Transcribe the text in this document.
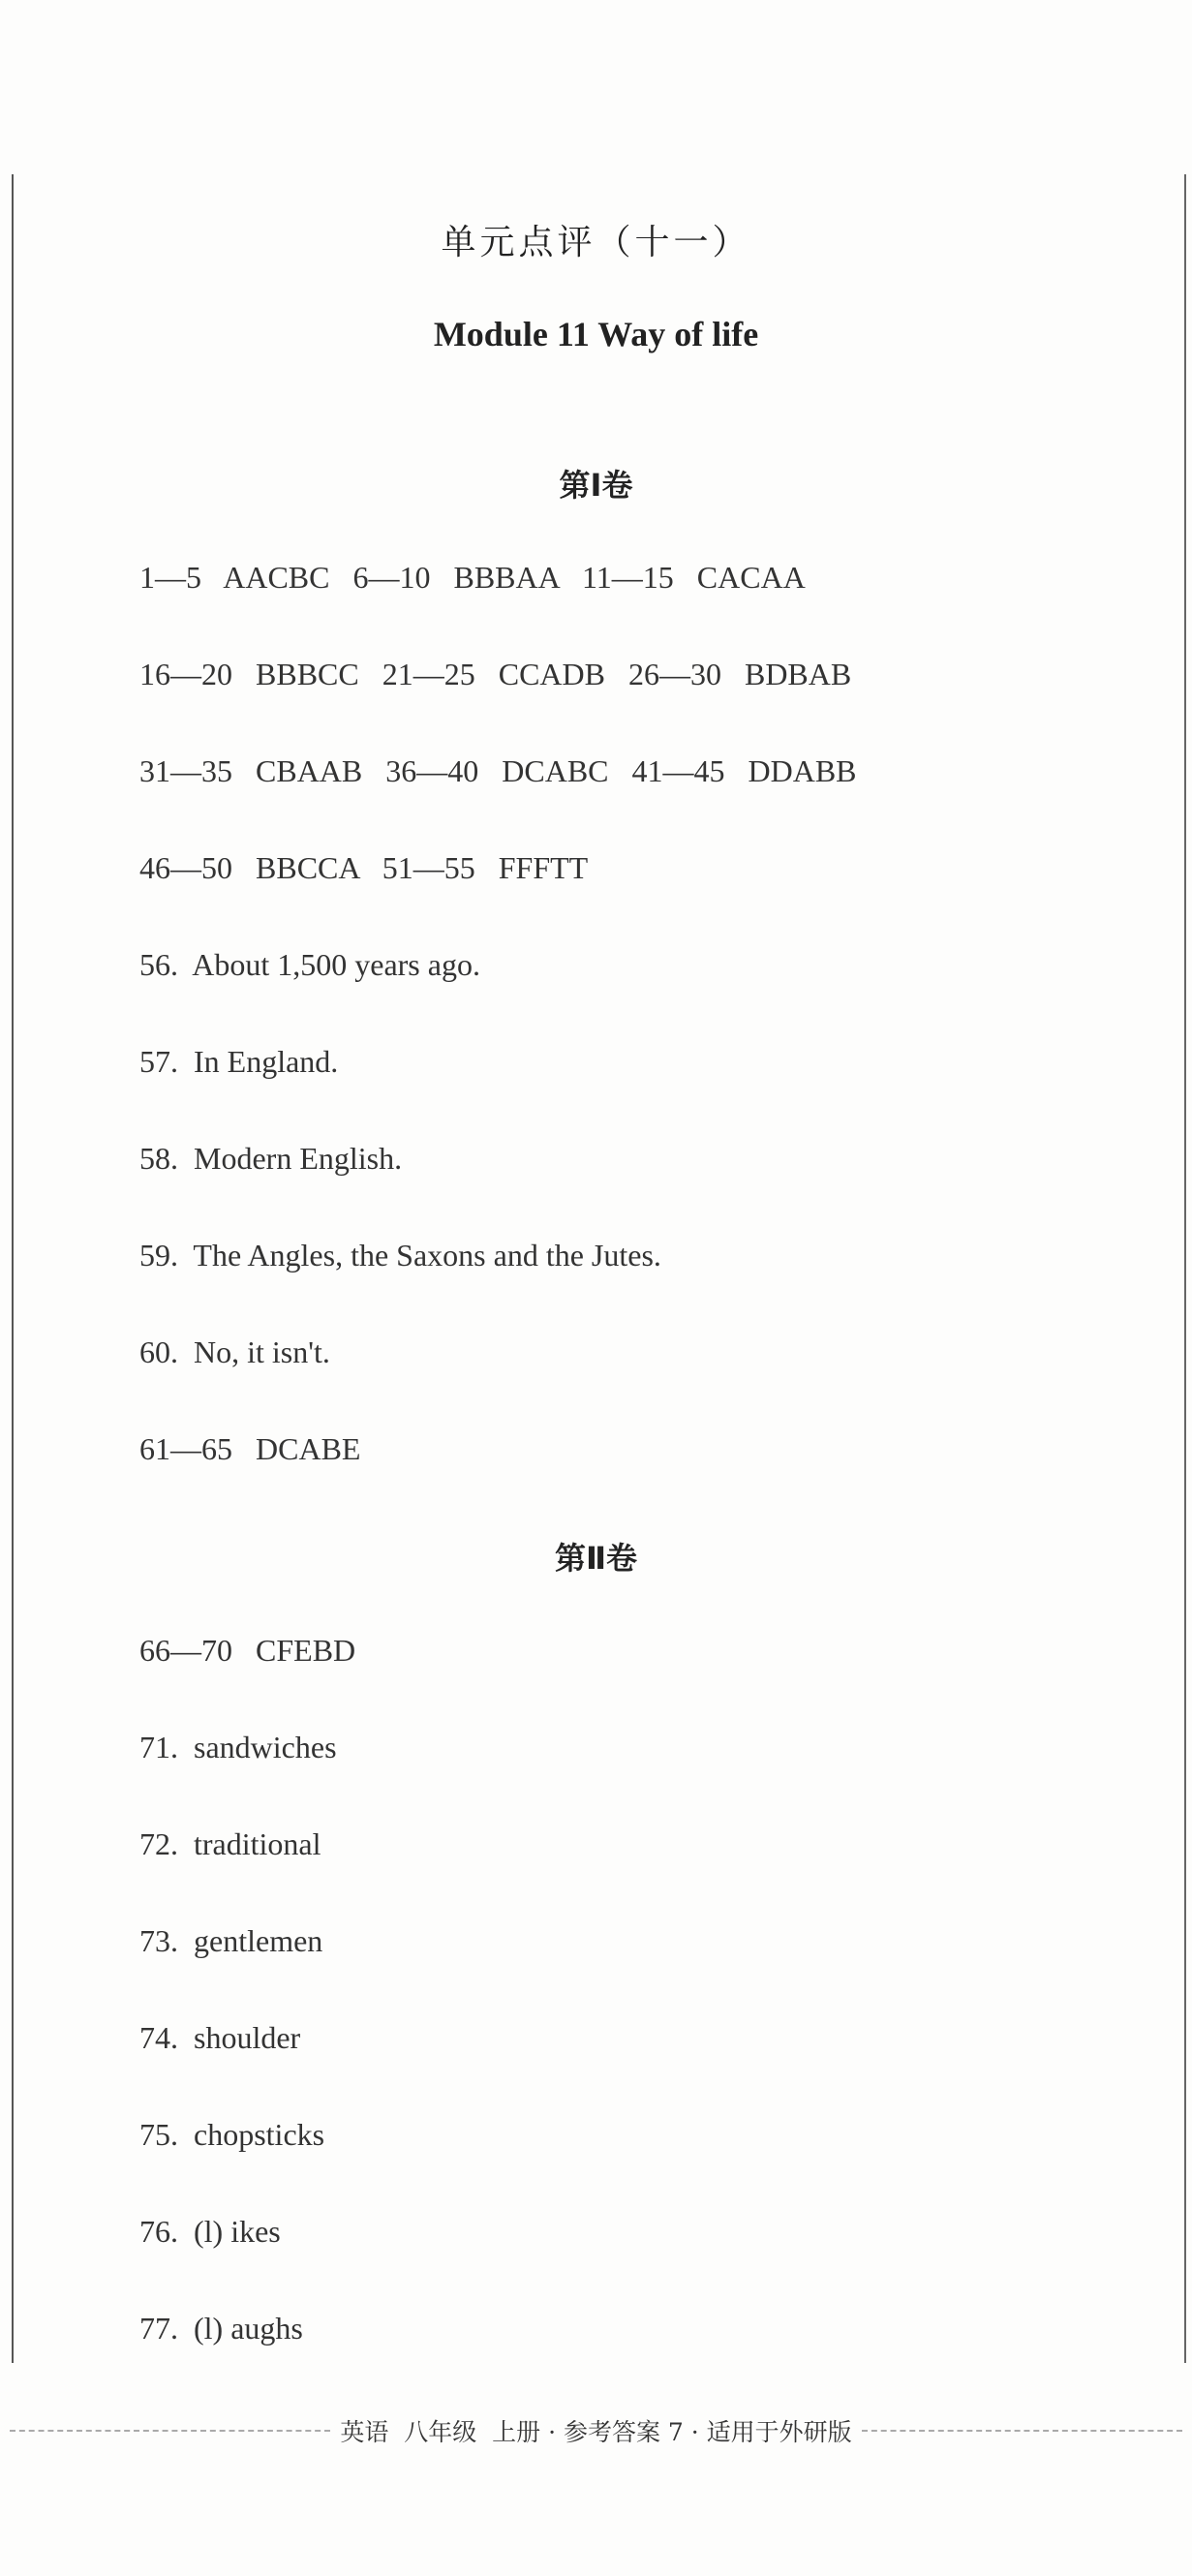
单元点评（十一）
Module 11 Way of life
第Ⅰ卷
1—5   AACBC   6—10   BBBAA   11—15   CACAA
16—20   BBBCC   21—25   CCADB   26—30   BDBAB
31—35   CBAAB   36—40   DCABC   41—45   DDABB
46—50   BBCCA   51—55   FFFTT
56.  About 1,500 years ago.
57.  In England.
58.  Modern English.
59.  The Angles, the Saxons and the Jutes.
60.  No, it isn't.
61—65   DCABE
第Ⅱ卷
66—70   CFEBD
71.  sandwiches
72.  traditional
73.  gentlemen
74.  shoulder
75.  chopsticks
76.  (l) ikes
77.  (l) aughs
英语  八年级  上册 · 参考答案 7 · 适用于外研版
